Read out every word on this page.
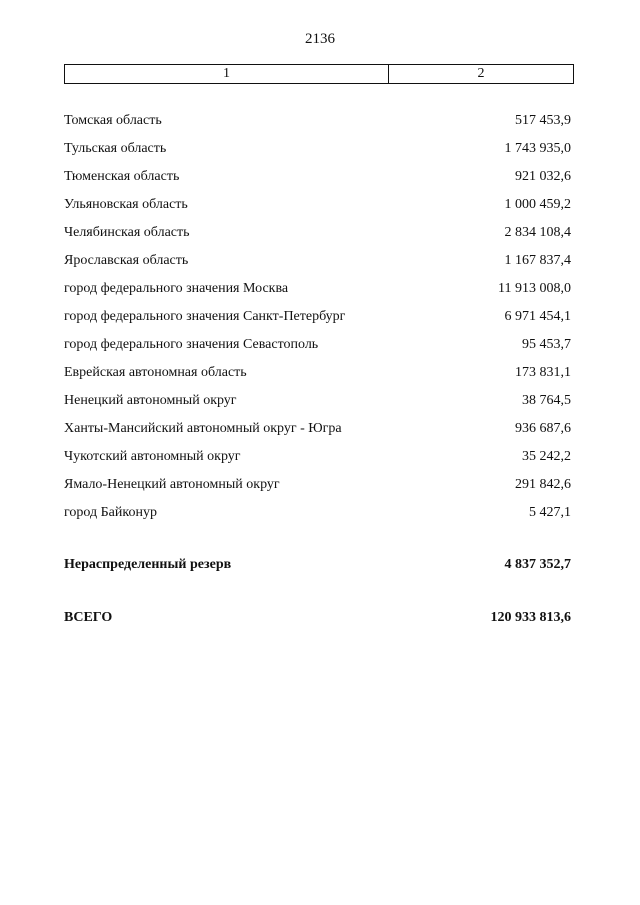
2136
1	2
Томская область	517 453,9
Тульская область	1 743 935,0
Тюменская область	921 032,6
Ульяновская область	1 000 459,2
Челябинская область	2 834 108,4
Ярославская область	1 167 837,4
город федерального значения Москва	11 913 008,0
город федерального значения Санкт-Петербург	6 971 454,1
город федерального значения Севастополь	95 453,7
Еврейская автономная область	173 831,1
Ненецкий автономный округ	38 764,5
Ханты-Мансийский автономный округ - Югра	936 687,6
Чукотский автономный округ	35 242,2
Ямало-Ненецкий автономный округ	291 842,6
город Байконур	5 427,1
Нераспределенный резерв	4 837 352,7
ВСЕГО	120 933 813,6
